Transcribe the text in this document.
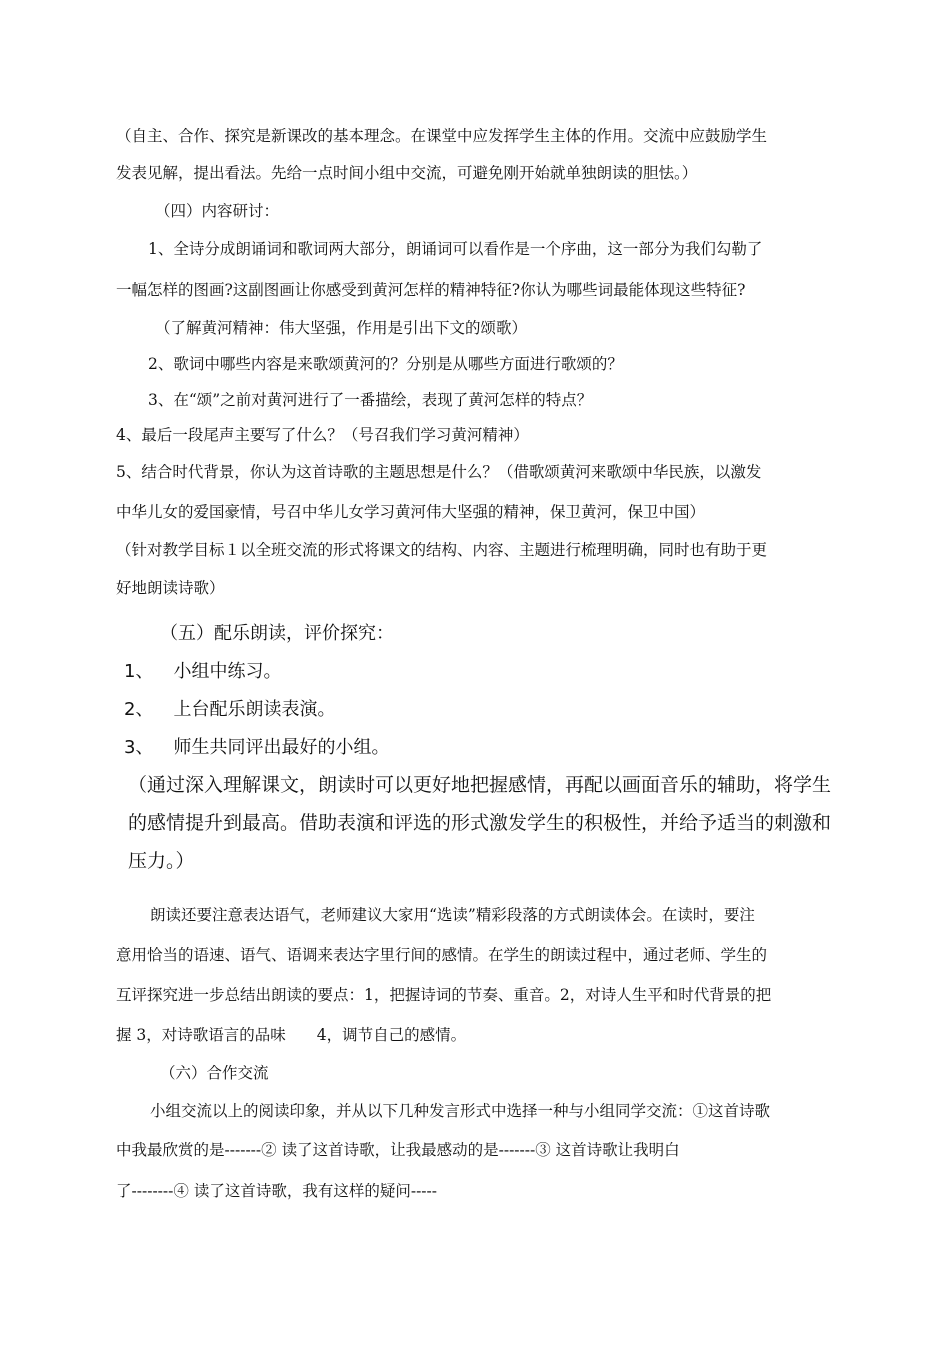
（自主、合作、探究是新课改的基本理念。在课堂中应发挥学生主体的作用。交流中应鼓励学生
发表见解，提出看法。先给一点时间小组中交流，可避免刚开始就单独朗读的胆怯。）
（四）内容研讨：
1、全诗分成朗诵词和歌词两大部分，朗诵词可以看作是一个序曲，这一部分为我们勾勒了
一幅怎样的图画?这副图画让你感受到黄河怎样的精神特征?你认为哪些词最能体现这些特征?
（了解黄河精神：伟大坚强，作用是引出下文的颂歌）
2、歌词中哪些内容是来歌颂黄河的？分别是从哪些方面进行歌颂的？
3、在“颂”之前对黄河进行了一番描绘，表现了黄河怎样的特点？
4、最后一段尾声主要写了什么？（号召我们学习黄河精神）
5、结合时代背景，你认为这首诗歌的主题思想是什么？（借歌颂黄河来歌颂中华民族，以激发
中华儿女的爱国豪情，号召中华儿女学习黄河伟大坚强的精神，保卫黄河，保卫中国）
（针对教学目标１以全班交流的形式将课文的结构、内容、主题进行梳理明确，同时也有助于更
好地朗读诗歌）
（五）配乐朗读，评价探究：
1、 小组中练习。
2、 上台配乐朗读表演。
3、 师生共同评出最好的小组。
（通过深入理解课文，朗读时可以更好地把握感情，再配以画面音乐的辅助，将学生
的感情提升到最高。借助表演和评选的形式激发学生的积极性，并给予适当的刺激和
压力。）
朗读还要注意表达语气，老师建议大家用“选读”精彩段落的方式朗读体会。在读时，要注
意用恰当的语速、语气、语调来表达字里行间的感情。在学生的朗读过程中，通过老师、学生的
互评探究进一步总结出朗读的要点：1，把握诗词的节奏、重音。2，对诗人生平和时代背景的把
握 3，对诗歌语言的品味　　4，调节自己的感情。
（六）合作交流
小组交流以上的阅读印象，并从以下几种发言形式中选择一种与小组同学交流：①这首诗歌
中我最欣赏的是-------② 读了这首诗歌，让我最感动的是-------③ 这首诗歌让我明白
了--------④ 读了这首诗歌，我有这样的疑问-----
